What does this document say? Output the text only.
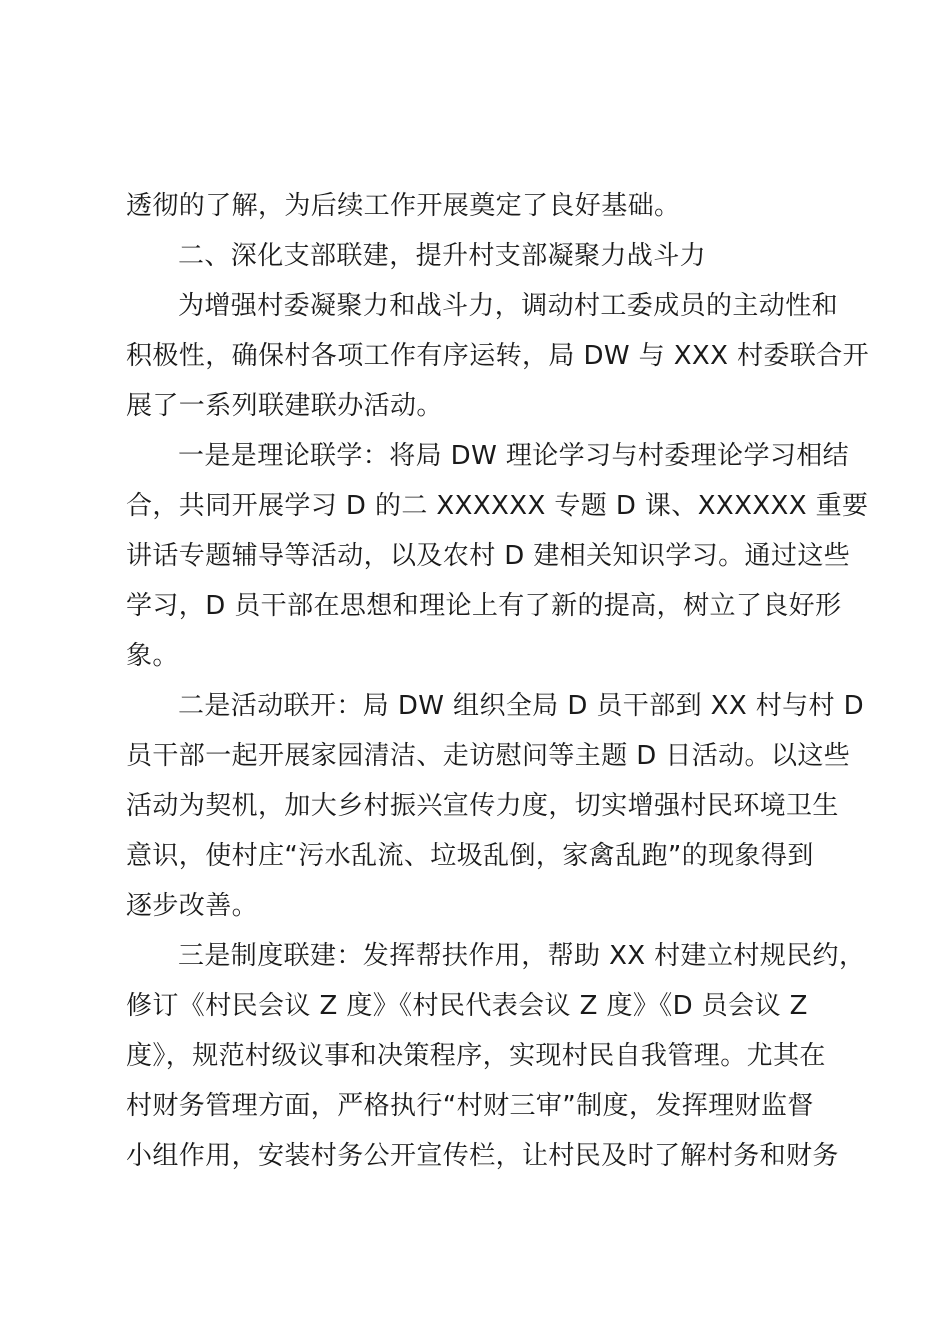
透彻的了解，为后续工作开展奠定了良好基础。
二、深化支部联建，提升村支部凝聚力战斗力
为增强村委凝聚力和战斗力，调动村工委成员的主动性和
积极性，确保村各项工作有序运转，局 DW 与 XXX 村委联合开
展了一系列联建联办活动。
一是是理论联学：将局 DW 理论学习与村委理论学习相结
合，共同开展学习 D 的二 XXXXXX 专题 D 课、XXXXXX 重要
讲话专题辅导等活动，以及农村 D 建相关知识学习。通过这些
学习，D 员干部在思想和理论上有了新的提高，树立了良好形
象。
二是活动联开：局 DW 组织全局 D 员干部到 XX 村与村 D
员干部一起开展家园清洁、走访慰问等主题 D 日活动。以这些
活动为契机，加大乡村振兴宣传力度，切实增强村民环境卫生
意识，使村庄“污水乱流、垃圾乱倒，家禽乱跑”的现象得到
逐步改善。
三是制度联建：发挥帮扶作用，帮助 XX 村建立村规民约，
修订《村民会议 Z 度》《村民代表会议 Z 度》《D 员会议 Z
度》，规范村级议事和决策程序，实现村民自我管理。尤其在
村财务管理方面，严格执行“村财三审”制度，发挥理财监督
小组作用，安装村务公开宣传栏，让村民及时了解村务和财务
